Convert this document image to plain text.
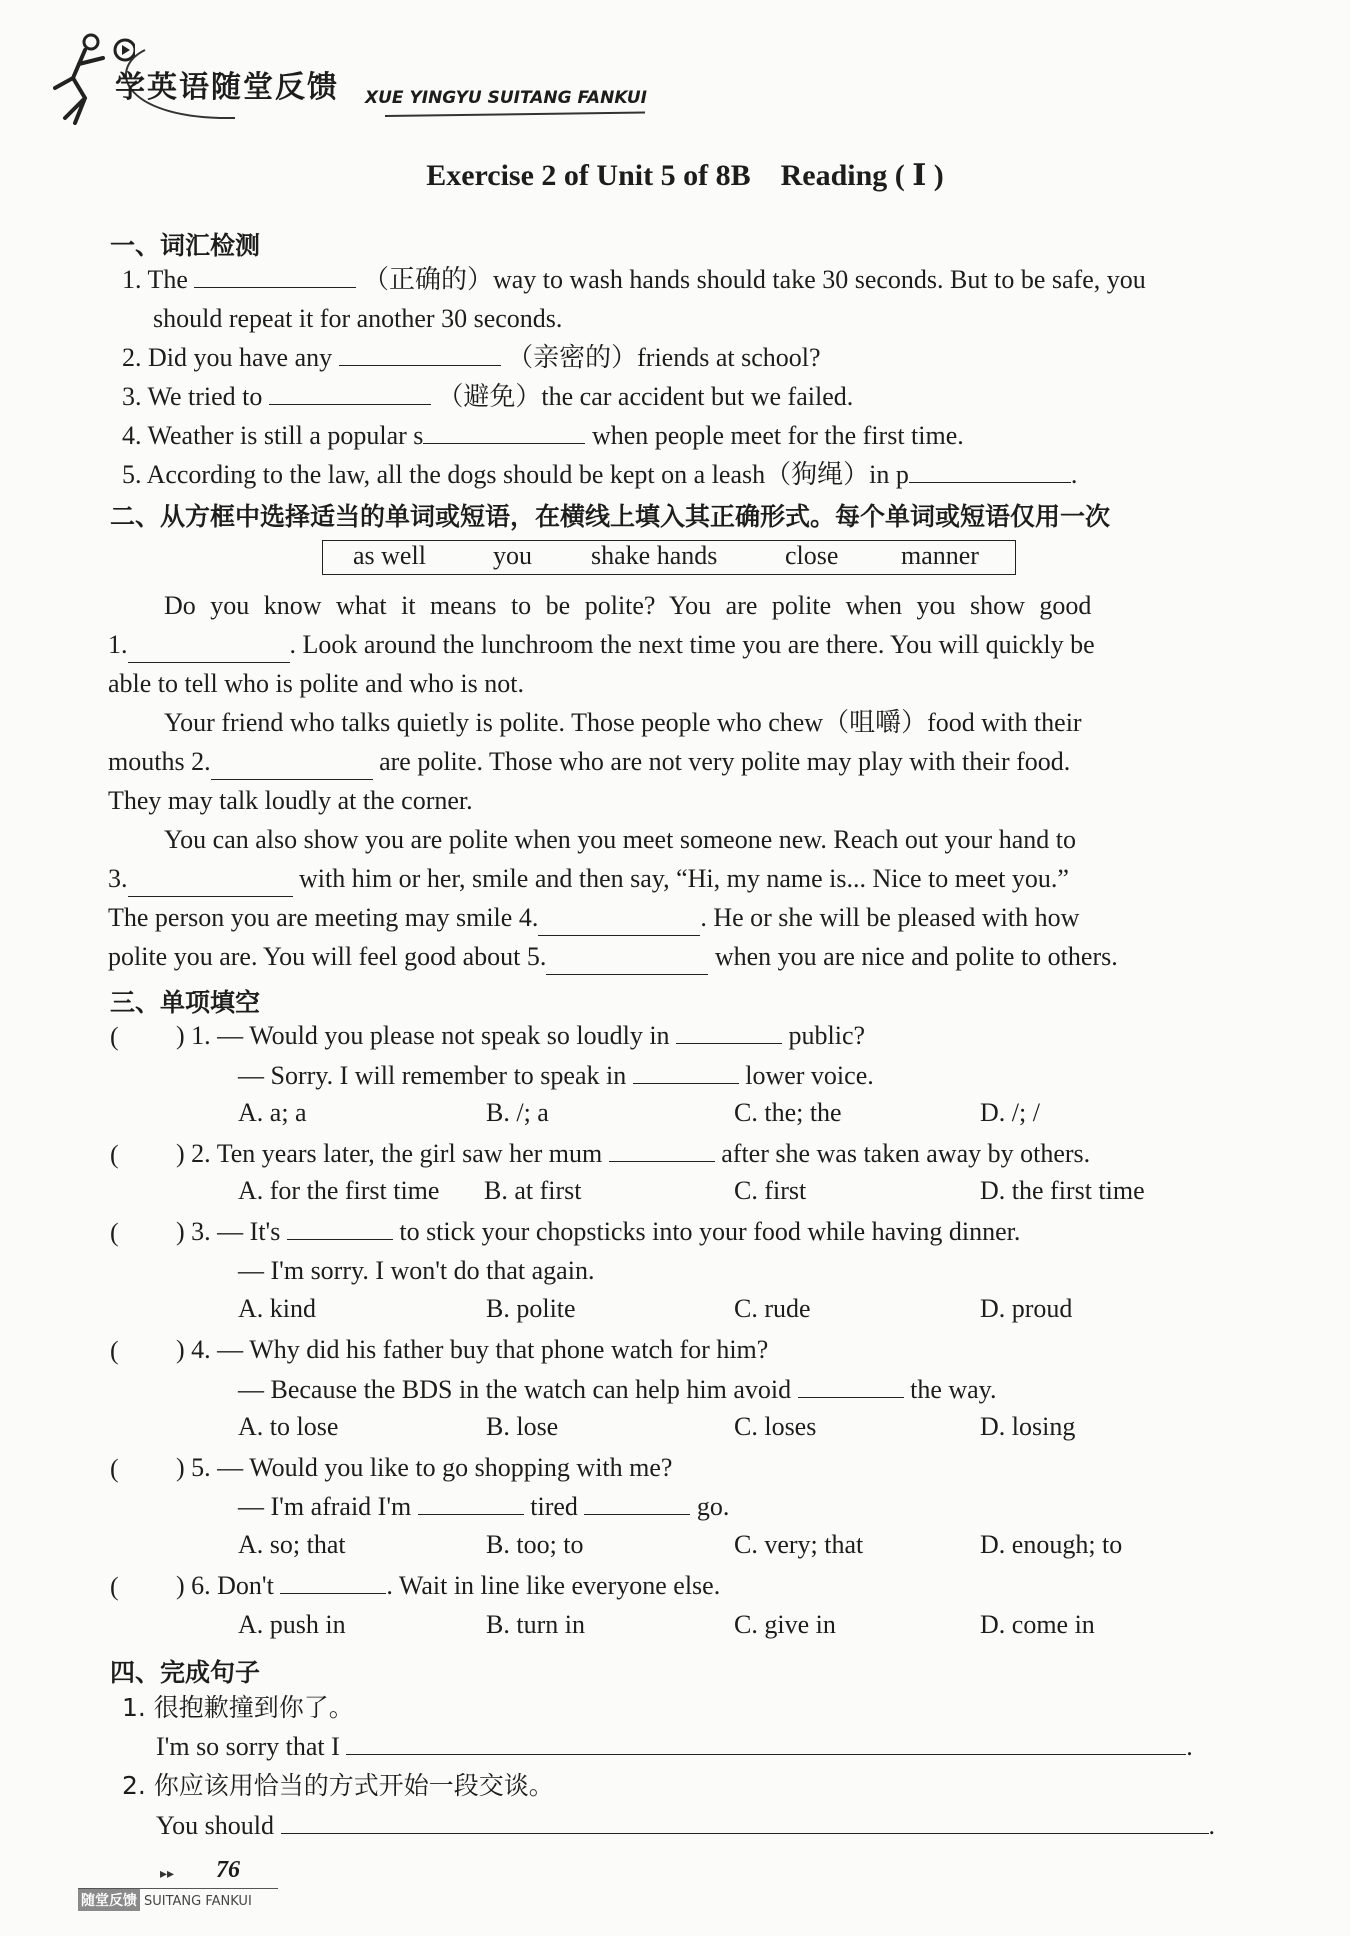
学英语随堂反馈 XUE YINGYU SUITANG FANKUI
Exercise 2 of Unit 5 of 8B    Reading ( Ⅰ )
一、词汇检测
1. The	（正确的）way to wash hands should take 30 seconds. But to be safe, you
should repeat it for another 30 seconds.
2. Did you have any	（亲密的）friends at school?
3. We tried to	（避免）the car accident but we failed.
4. Weather is still a popular s	when people meet for the first time.
5. According to the law, all the dogs should be kept on a leash（狗绳）in p	.
二、从方框中选择适当的单词或短语，在横线上填入其正确形式。每个单词或短语仅用一次
as well	you shake hands	close manner
Do you know what it means to be polite? You are polite when you show good
1.	. Look around the lunchroom the next time you are there. You will quickly be
able to tell who is polite and who is not.
Your friend who talks quietly is polite. Those people who chew（咀嚼）food with their
mouths 2.	are polite. Those who are not very polite may play with their food.
They may talk loudly at the corner.
You can also show you are polite when you meet someone new. Reach out your hand to
3.	with him or her, smile and then say, “Hi, my name is... Nice to meet you.”
The person you are meeting may smile 4.	. He or she will be pleased with how
polite you are. You will feel good about 5.	when you are nice and polite to others.
三、单项填空
( ) 1. — Would you please not speak so loudly in	public?
— Sorry. I will remember to speak in	lower voice.
A. a; a	B. /; a	C. the; the	D. /; /
( ) 2. Ten years later, the girl saw her mum	after she was taken away by others.
A. for the first time B. at first	C. first	D. the first time
( ) 3. — It's	to stick your chopsticks into your food while having dinner.
— I'm sorry. I won't do that again.
A. kind	B. polite	C. rude	D. proud
( ) 4. — Why did his father buy that phone watch for him?
— Because the BDS in the watch can help him avoid	the way.
A. to lose	B. lose	C. loses	D. losing
( ) 5. — Would you like to go shopping with me?
— I'm afraid I'm	tired	go.
A. so; that	B. too; to	C. very; that	D. enough; to
( ) 6. Don't	. Wait in line like everyone else.
A. push in	B. turn in	C. give in	D. come in
四、完成句子
1. 很抱歉撞到你了。
I'm so sorry that I	.
2. 你应该用恰当的方式开始一段交谈。
You should	.
▸▸ 76
随堂反馈 SUITANG FANKUI
